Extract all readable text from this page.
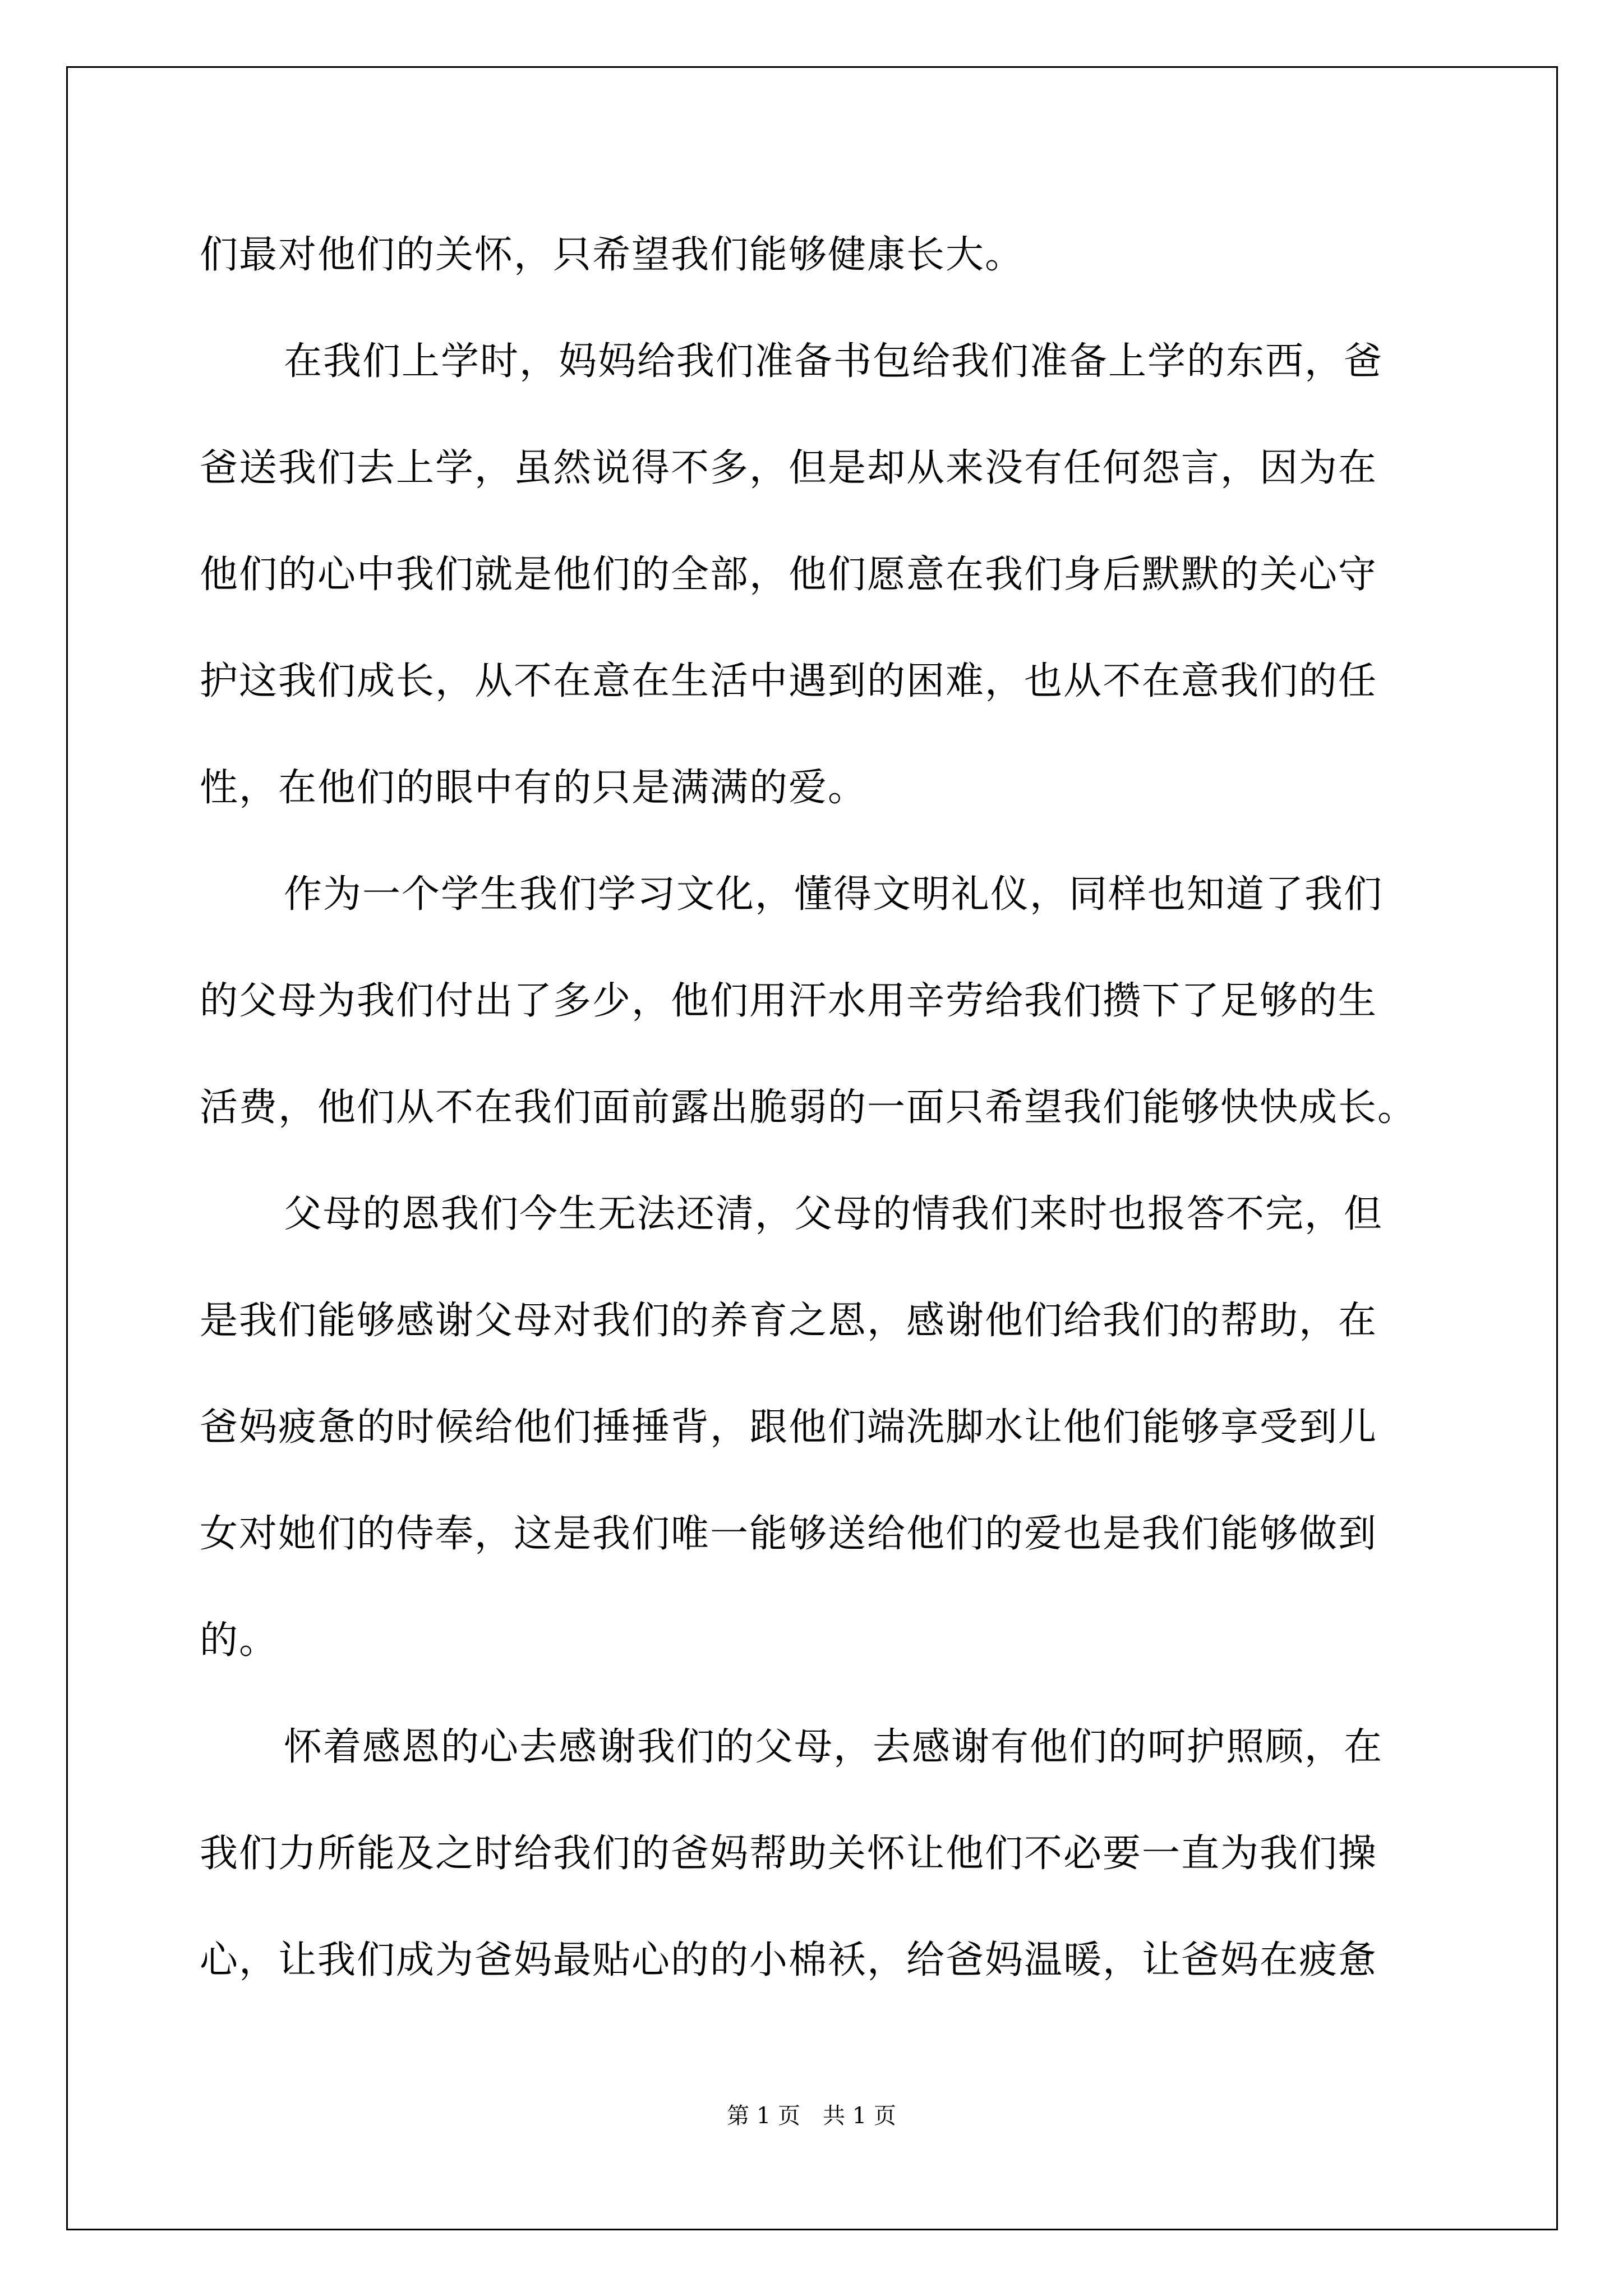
们最对他们的关怀，只希望我们能够健康长大。
在我们上学时，妈妈给我们准备书包给我们准备上学的东西，爸
爸送我们去上学，虽然说得不多，但是却从来没有任何怨言，因为在
他们的心中我们就是他们的全部，他们愿意在我们身后默默的关心守
护这我们成长，从不在意在生活中遇到的困难，也从不在意我们的任
性，在他们的眼中有的只是满满的爱。
作为一个学生我们学习文化，懂得文明礼仪，同样也知道了我们
的父母为我们付出了多少，他们用汗水用辛劳给我们攒下了足够的生
活费，他们从不在我们面前露出脆弱的一面只希望我们能够快快成长。
父母的恩我们今生无法还清，父母的情我们来时也报答不完，但
是我们能够感谢父母对我们的养育之恩，感谢他们给我们的帮助，在
爸妈疲惫的时候给他们捶捶背，跟他们端洗脚水让他们能够享受到儿
女对她们的侍奉，这是我们唯一能够送给他们的爱也是我们能够做到
的。
怀着感恩的心去感谢我们的父母，去感谢有他们的呵护照顾，在
我们力所能及之时给我们的爸妈帮助关怀让他们不必要一直为我们操
心，让我们成为爸妈最贴心的的小棉袄，给爸妈温暖，让爸妈在疲惫
第 1 页　共 1 页
